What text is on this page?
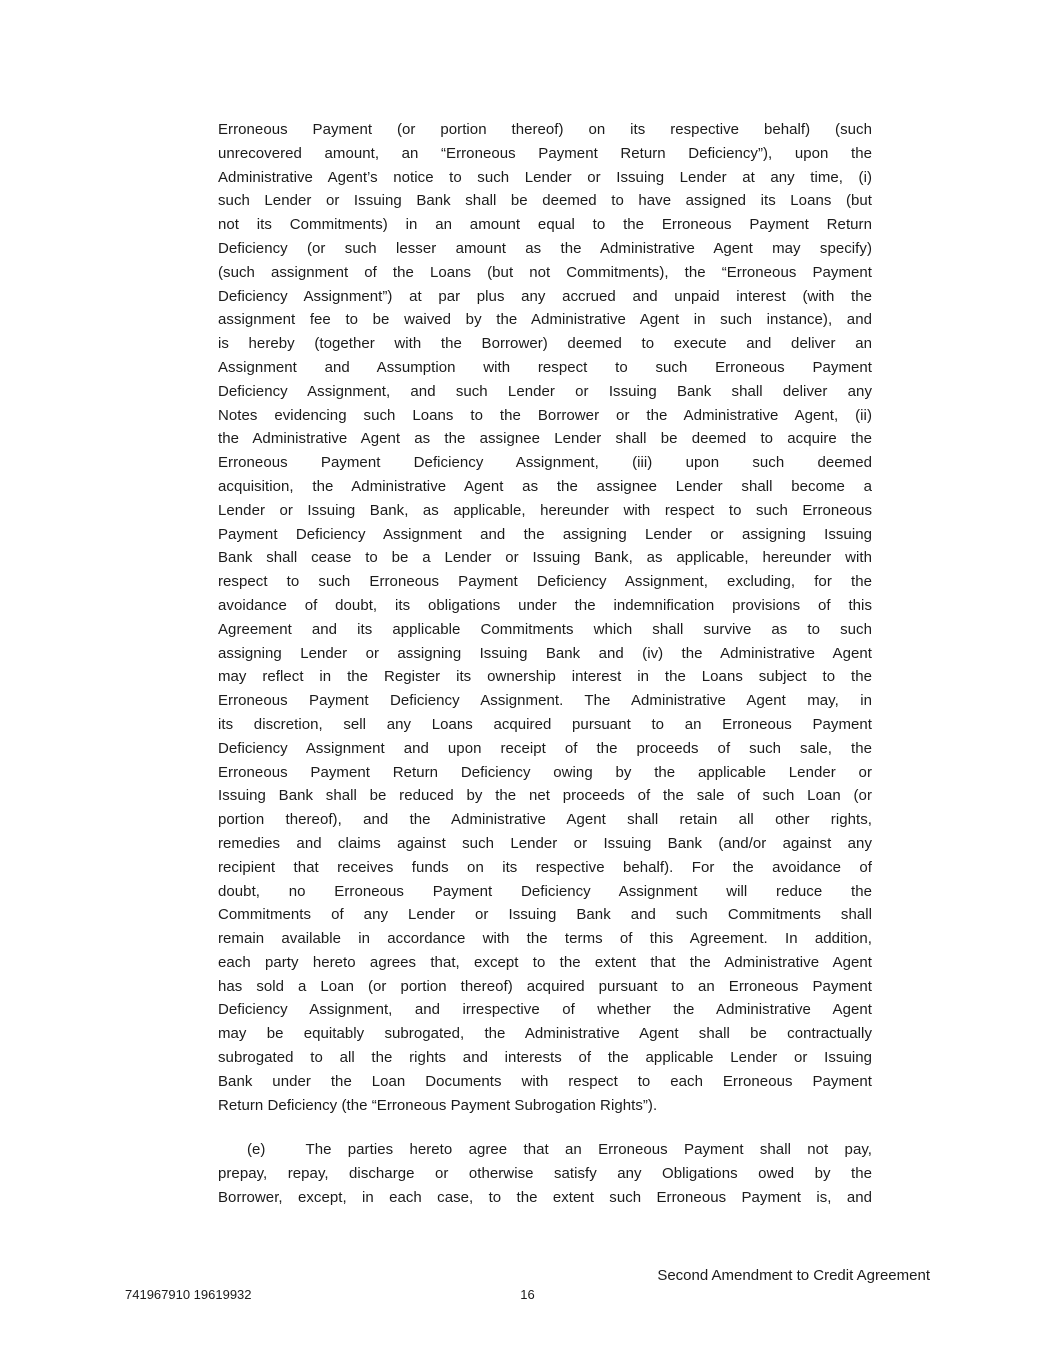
Erroneous Payment (or portion thereof) on its respective behalf) (such
unrecovered amount, an “Erroneous Payment Return Deficiency”), upon the
Administrative Agent’s notice to such Lender or Issuing Lender at any time, (i)
such Lender or Issuing Bank shall be deemed to have assigned its Loans (but
not its Commitments) in an amount equal to the Erroneous Payment Return
Deficiency (or such lesser amount as the Administrative Agent may specify)
(such assignment of the Loans (but not Commitments), the “Erroneous Payment
Deficiency Assignment”) at par plus any accrued and unpaid interest (with the
assignment fee to be waived by the Administrative Agent in such instance), and
is hereby (together with the Borrower) deemed to execute and deliver an
Assignment and Assumption with respect to such Erroneous Payment
Deficiency Assignment, and such Lender or Issuing Bank shall deliver any
Notes evidencing such Loans to the Borrower or the Administrative Agent, (ii)
the Administrative Agent as the assignee Lender shall be deemed to acquire the
Erroneous Payment Deficiency Assignment, (iii) upon such deemed
acquisition, the Administrative Agent as the assignee Lender shall become a
Lender or Issuing Bank, as applicable, hereunder with respect to such Erroneous
Payment Deficiency Assignment and the assigning Lender or assigning Issuing
Bank shall cease to be a Lender or Issuing Bank, as applicable, hereunder with
respect to such Erroneous Payment Deficiency Assignment, excluding, for the
avoidance of doubt, its obligations under the indemnification provisions of this
Agreement and its applicable Commitments which shall survive as to such
assigning Lender or assigning Issuing Bank and (iv) the Administrative Agent
may reflect in the Register its ownership interest in the Loans subject to the
Erroneous Payment Deficiency Assignment. The Administrative Agent may, in
its discretion, sell any Loans acquired pursuant to an Erroneous Payment
Deficiency Assignment and upon receipt of the proceeds of such sale, the
Erroneous Payment Return Deficiency owing by the applicable Lender or
Issuing Bank shall be reduced by the net proceeds of the sale of such Loan (or
portion thereof), and the Administrative Agent shall retain all other rights,
remedies and claims against such Lender or Issuing Bank (and/or against any
recipient that receives funds on its respective behalf). For the avoidance of
doubt, no Erroneous Payment Deficiency Assignment will reduce the
Commitments of any Lender or Issuing Bank and such Commitments shall
remain available in accordance with the terms of this Agreement. In addition,
each party hereto agrees that, except to the extent that the Administrative Agent
has sold a Loan (or portion thereof) acquired pursuant to an Erroneous Payment
Deficiency Assignment, and irrespective of whether the Administrative Agent
may be equitably subrogated, the Administrative Agent shall be contractually
subrogated to all the rights and interests of the applicable Lender or Issuing
Bank under the Loan Documents with respect to each Erroneous Payment
Return Deficiency (the “Erroneous Payment Subrogation Rights”).
(e)	The parties hereto agree that an Erroneous Payment shall not pay,
prepay, repay, discharge or otherwise satisfy any Obligations owed by the
Borrower, except, in each case, to the extent such Erroneous Payment is, and
Second Amendment to Credit Agreement
741967910 19619932	16
